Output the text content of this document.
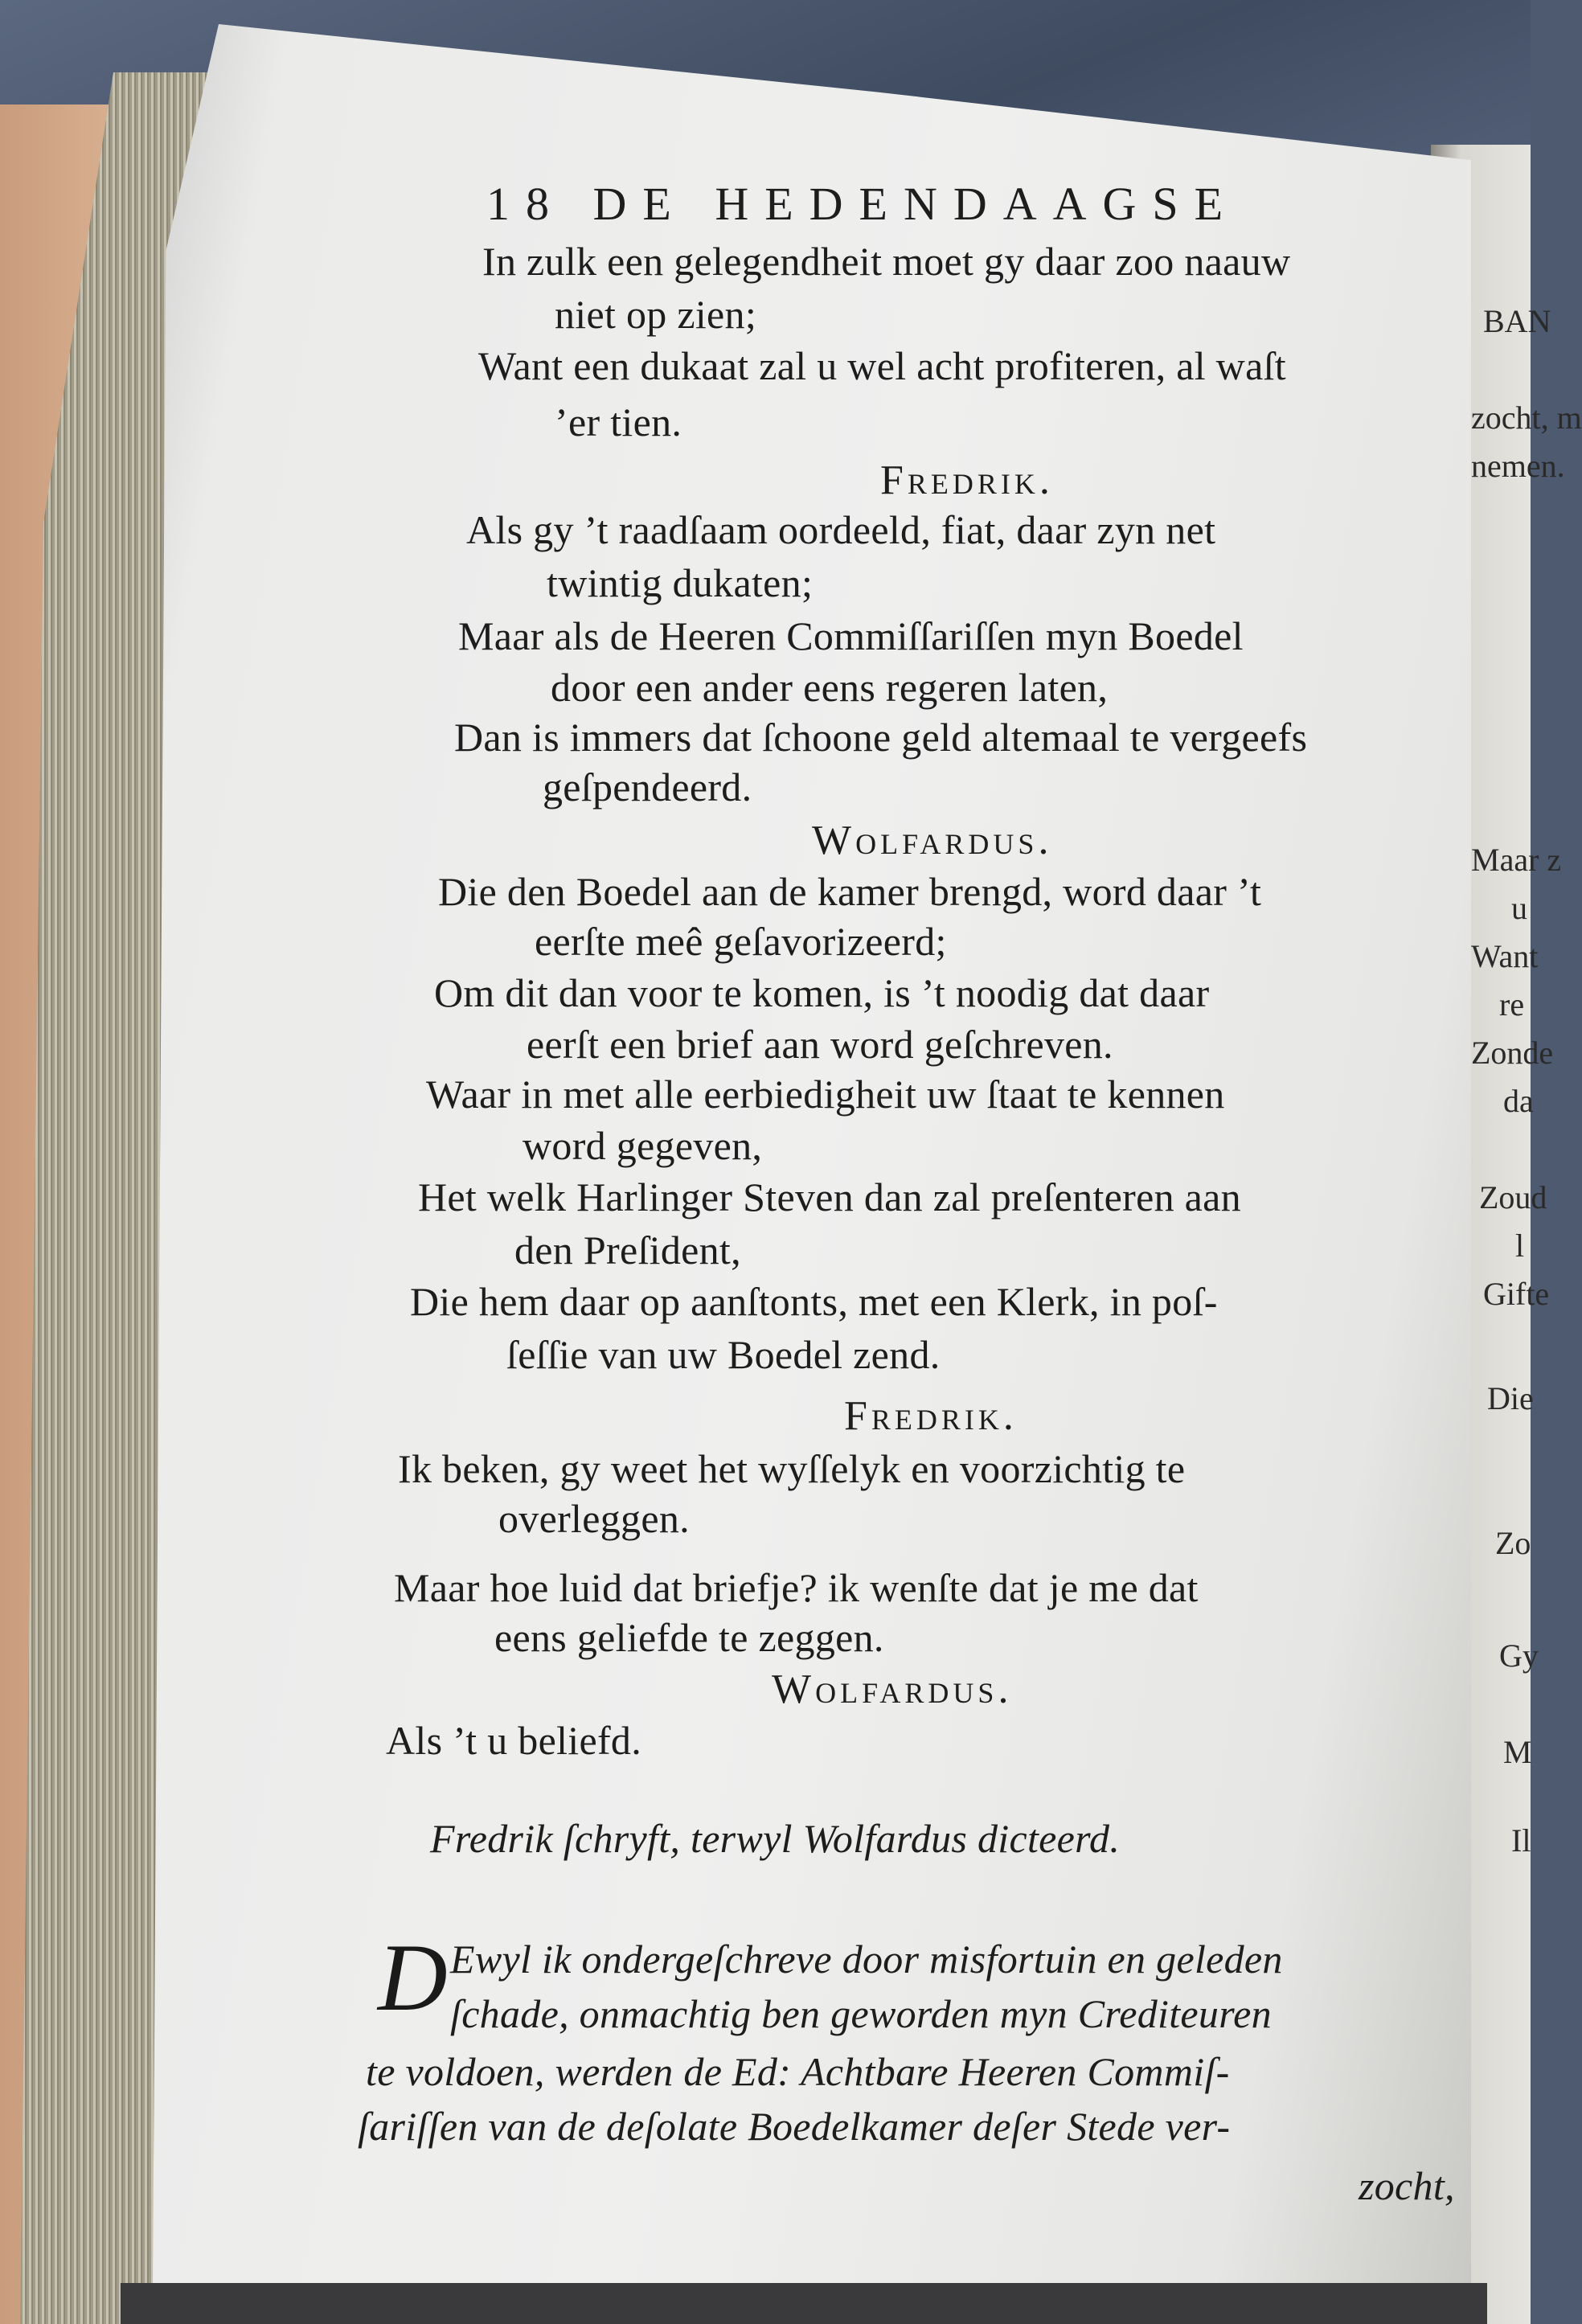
18 DE HEDENDAAGSE
D
In zulk een gelegendheit moet gy daar zoo naauw
niet op zien;
Want een dukaat zal u wel acht profiteren, al waſt
’er tien.
Fredrik.
Als gy ’t raadſaam oordeeld, fiat, daar zyn net
twintig dukaten;
Maar als de Heeren Commiſſariſſen myn Boedel
door een ander eens regeren laten,
Dan is immers dat ſchoone geld altemaal te vergeefs
geſpendeerd.
Wolfardus.
Die den Boedel aan de kamer brengd, word daar ’t
eerſte meê geſavorizeerd;
Om dit dan voor te komen, is ’t noodig dat daar
eerſt een brief aan word geſchreven.
Waar in met alle eerbiedigheit uw ſtaat te kennen
word gegeven,
Het welk Harlinger Steven dan zal preſenteren aan
den Preſident,
Die hem daar op aanſtonts, met een Klerk, in poſ-
ſeſſie van uw Boedel zend.
Fredrik.
Ik beken, gy weet het wyſſelyk en voorzichtig te
overleggen.
Maar hoe luid dat briefje? ik wenſte dat je me dat
eens geliefde te zeggen.
Wolfardus.
Als ’t u beliefd.
Fredrik ſchryft, terwyl Wolfardus dicteerd.
Ewyl ik ondergeſchreve door misfortuin en geleden
ſchade, onmachtig ben geworden myn Crediteuren
te voldoen, werden de Ed: Achtbare Heeren Commiſ-
ſariſſen van de deſolate Boedelkamer deſer Stede ver-
zocht,
BAN
zocht, m
nemen.
Maar z
u
Want
re
Zonde
da
Zoud
l
Gifte
Die
Zo
Gy
M
Il
